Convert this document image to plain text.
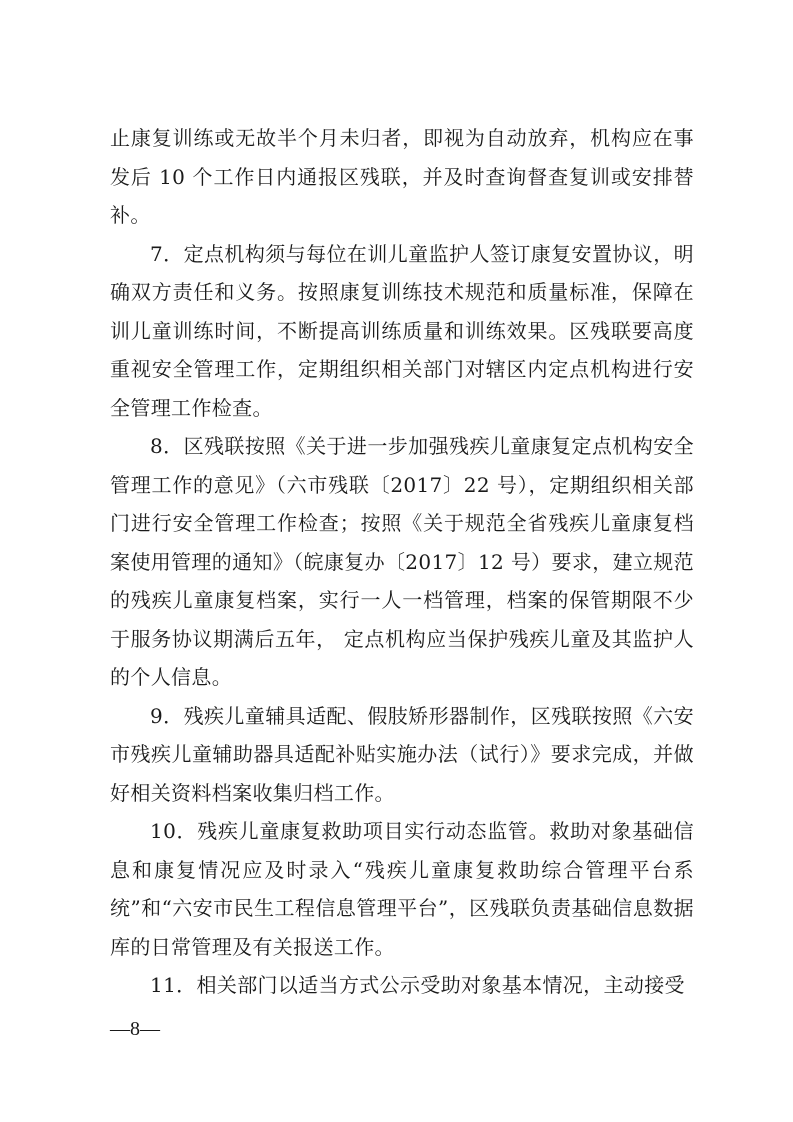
止康复训练或无故半个月未归者，即视为自动放弃，机构应在事发后 10 个工作日内通报区残联，并及时查询督查复训或安排替补。

7．定点机构须与每位在训儿童监护人签订康复安置协议，明确双方责任和义务。按照康复训练技术规范和质量标准，保障在训儿童训练时间，不断提高训练质量和训练效果。区残联要高度重视安全管理工作，定期组织相关部门对辖区内定点机构进行安全管理工作检查。

8．区残联按照《关于进一步加强残疾儿童康复定点机构安全管理工作的意见》（六市残联〔2017〕22 号），定期组织相关部门进行安全管理工作检查；按照《关于规范全省残疾儿童康复档案使用管理的通知》（皖康复办〔2017〕12 号）要求，建立规范的残疾儿童康复档案，实行一人一档管理，档案的保管期限不少于服务协议期满后五年， 定点机构应当保护残疾儿童及其监护人的个人信息。

9．残疾儿童辅具适配、假肢矫形器制作，区残联按照《六安市残疾儿童辅助器具适配补贴实施办法（试行）》要求完成，并做好相关资料档案收集归档工作。

10．残疾儿童康复救助项目实行动态监管。救助对象基础信息和康复情况应及时录入“残疾儿童康复救助综合管理平台系统”和“六安市民生工程信息管理平台”，区残联负责基础信息数据库的日常管理及有关报送工作。

11．相关部门以适当方式公示受助对象基本情况，主动接受

—8—
